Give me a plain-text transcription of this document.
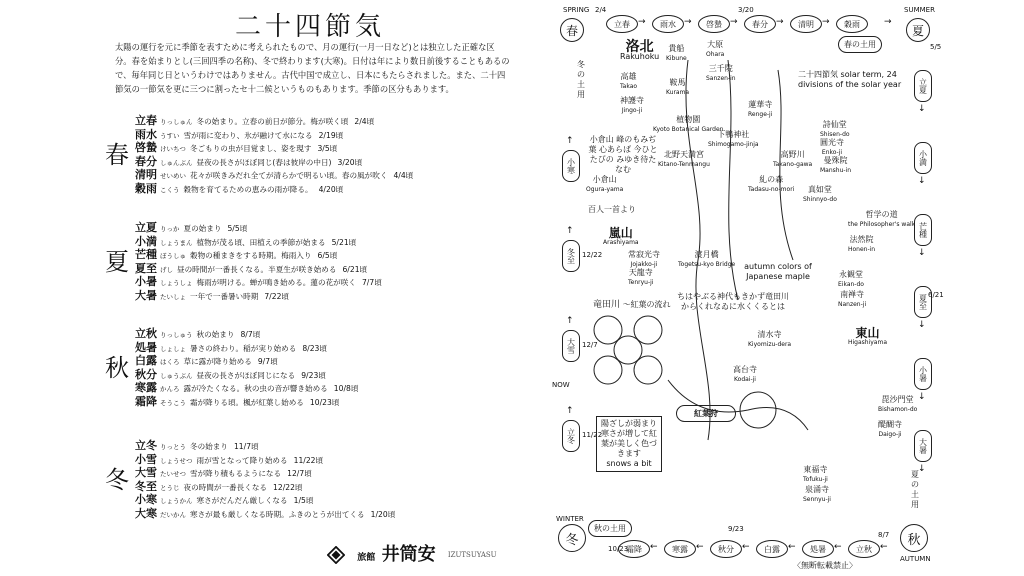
二十四節気
太陽の運行を元に季節を表すために考えられたもので、月の運行(一月一日など)とは独立した正確な区分。春を始まりとし(三回四季の名称)、冬で終わります(大寒)。日付は年により数日前後することもあるので、毎年同じ日というわけではありません。古代中国で成立し、日本にもたらされました。また、二十四節気の一節気を更に三つに割ったセ十二候というものもあります。季節の区分もあります。
春
立春 りっしゅん 冬の始まり。立春の前日が節分。梅が咲く頃 2/4頃
雨水 うすい 雪が雨に変わり、氷が融けて水になる 2/19頃
啓蟄 けいちつ 冬ごもりの虫が目覚まし、姿を現す 3/5頃
春分 しゅんぶん 昼夜の長さがほぼ同じ(春は彼岸の中日) 3/20頃
清明 せいめい 花々が咲きみだれ全てが清らかで明るい頃。春の風が吹く 4/4頃
穀雨 こくう 穀物を育てるための恵みの雨が降る。 4/20頃
夏
立夏 りっか 夏の始まり 5/5頃
小満 しょうまん 植物が茂る頃、田植えの季節が始まる 5/21頃
芒種 ぼうしゅ 穀物の種まきをする時期。梅雨入り 6/5頃
夏至 げし 昼の時間が一番長くなる。半夏生が咲き始める 6/21頃
小暑 しょうしょ 梅雨が明ける。蝉が鳴き始める。蓮の花が咲く 7/7頃
大暑 たいしょ 一年で一番暑い時期 7/22頃
秋
立秋 りっしゅう 秋の始まり 8/7頃
処暑 しょしょ 暑さの終わり。稲が実り始める 8/23頃
白露 はくろ 草に露が降り始める 9/7頃
秋分 しゅうぶん 昼夜の長さがほぼ同じになる 9/23頃
寒露 かんろ 露が冷たくなる。秋の虫の音が響き始める 10/8頃
霜降 そうこう 霜が降りる頃。楓が紅葉し始める 10/23頃
冬
立冬 りっとう 冬の始まり 11/7頃
小雪 しょうせつ 雨が雪となって降り始める 11/22頃
大雪 たいせつ 雪が降り積もるようになる 12/7頃
冬至 とうじ 夜の時間が一番長くなる 12/22頃
小寒 しょうかん 寒さがだんだん厳しくなる 1/5頃
大寒 だいかん 寒さが最も厳しくなる時期。ふきのとうが出てくる 1/20頃
旅館 井筒安 IZUTSUYASU
SPRING
春
2/4	3/20
立春 → 雨水 → 啓蟄 → 春分 → 清明 → 穀雨	→
SUMMER
夏
5/5
春の土用
立夏
↓
小満
↓
芒種
↓
夏至
↓
小暑
↓
大暑
↓
6/21
夏の土用
秋
AUTUMN
立秋 ←
処暑 ←
白露 ←
秋分 ←
寒露 ←
霜降 ←
9/23
10/23
8/7
秋の土用
〈無断転載禁止〉
冬
WINTER
NOW
小寒
↑
冬至
↑
大雪
↑
立冬
↑
12/22
12/7
11/22
冬の土用
二十四節気 solar term, 24 divisions of the solar year
洛北
Rakuhoku
嵐山
Arashiyama
東山
Higashiyama
高雄
Takao
神護寺
Jingo-ji
貴船
Kibune
鞍馬
Kurama
大原
Ohara
三千院
Sanzen-in
蓮華寺
Renge-ji
高野川
Takano-gawa
詩仙堂
Shisen-do
圓光寺
Enko-ji
曼殊院
Manshu-in
植物園
Kyoto Botanical Garden
下鴨神社
Shimogamo-jinja
糺の森
Tadasu-no-mori
北野天満宮
Kitano-Tenmangu
常寂光寺
Jojakko-ji
天龍寺
Tenryu-ji
渡月橋
Togetsu-kyo Bridge
永観堂
Eikan-do
南禅寺
Nanzen-ji
真如堂
Shinnyo-do
哲学の道
the Philosopher's walk
法然院
Honen-in
毘沙門堂
Bishamon-do
醍醐寺
Daigo-ji
東福寺
Tofuku-ji
泉涌寺
Sennyu-ji
清水寺
Kiyomizu-dera
高台寺
Kodai-ji
autumn colors of Japanese maple
竜田川 〜紅葉の流れ
ちはやぶる神代もきかず竜田川 からくれなゐに水くくるとは
百人一首より
小倉山 峰のもみぢ葉 心あらば 今ひとたびの みゆき待たなむ
小倉山
Ogura-yama
紅葉狩
陽ざしが弱まり寒さが増して紅葉が美しく色づきます
snows a bit
